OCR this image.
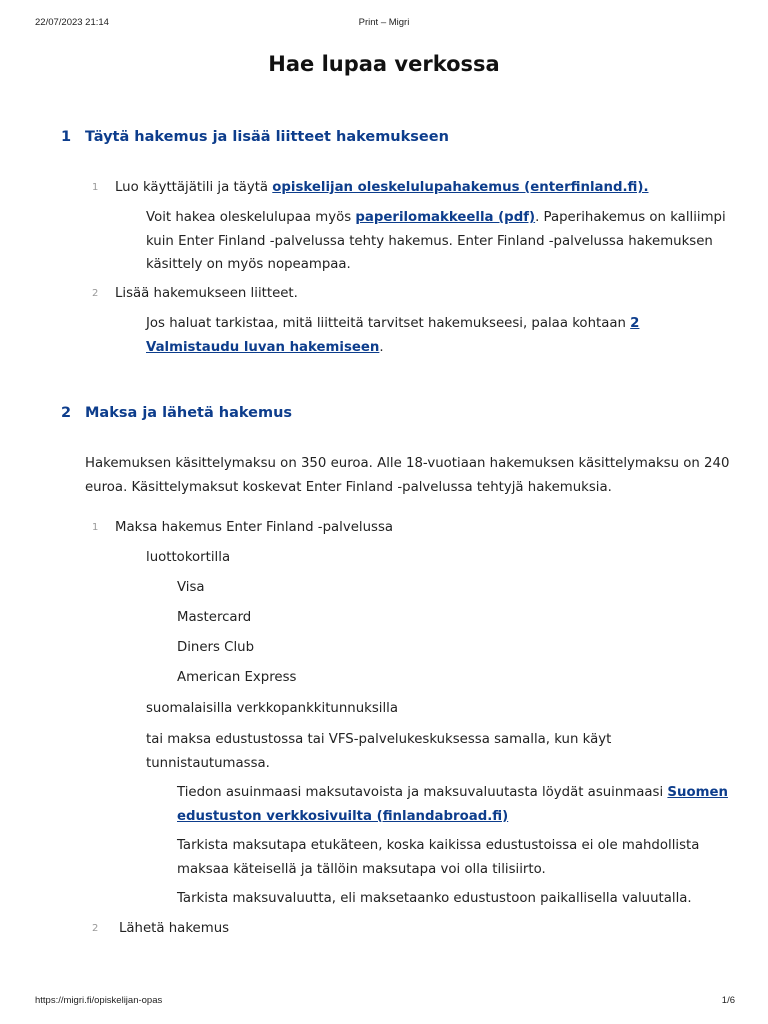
22/07/2023 21:14	Print – Migri
Hae lupaa verkossa
1 Täytä hakemus ja lisää liitteet hakemukseen
1 Luo käyttäjätili ja täytä opiskelijan oleskelulupahakemus (enterfinland.fi).

Voit hakea oleskelulupaa myös paperilomakkeella (pdf). Paperihakemus on kalliimpi
kuin Enter Finland -palvelussa tehty hakemus. Enter Finland -palvelussa hakemuksen
käsittely on myös nopeampaa.

2 Lisää hakemukseen liitteet.

Jos haluat tarkistaa, mitä liitteitä tarvitset hakemukseesi, palaa kohtaan 2
Valmistaudu luvan hakemiseen.

2 Maksa ja lähetä hakemus

Hakemuksen käsittelymaksu on 350 euroa. Alle 18-vuotiaan hakemuksen käsittelymaksu on 240
euroa. Käsittelymaksut koskevat Enter Finland -palvelussa tehtyjä hakemuksia.

1 Maksa hakemus Enter Finland -palvelussa

luottokortilla

Visa

Mastercard

Diners Club

American Express

suomalaisilla verkkopankkitunnuksilla

tai maksa edustustossa tai VFS-palvelukeskuksessa samalla, kun käyt
tunnistautumassa.

Tiedon asuinmaasi maksutavoista ja maksuvaluutasta löydät asuinmaasi Suomen
edustuston verkkosivuilta (finlandabroad.fi)

Tarkista maksutapa etukäteen, koska kaikissa edustustoissa ei ole mahdollista
maksaa käteisellä ja tällöin maksutapa voi olla tilisiirto.

Tarkista maksuvaluutta, eli maksetaanko edustustoon paikallisella valuutalla.

2 Lähetä hakemus

https://migri.fi/opiskelijan-opas	1/6
